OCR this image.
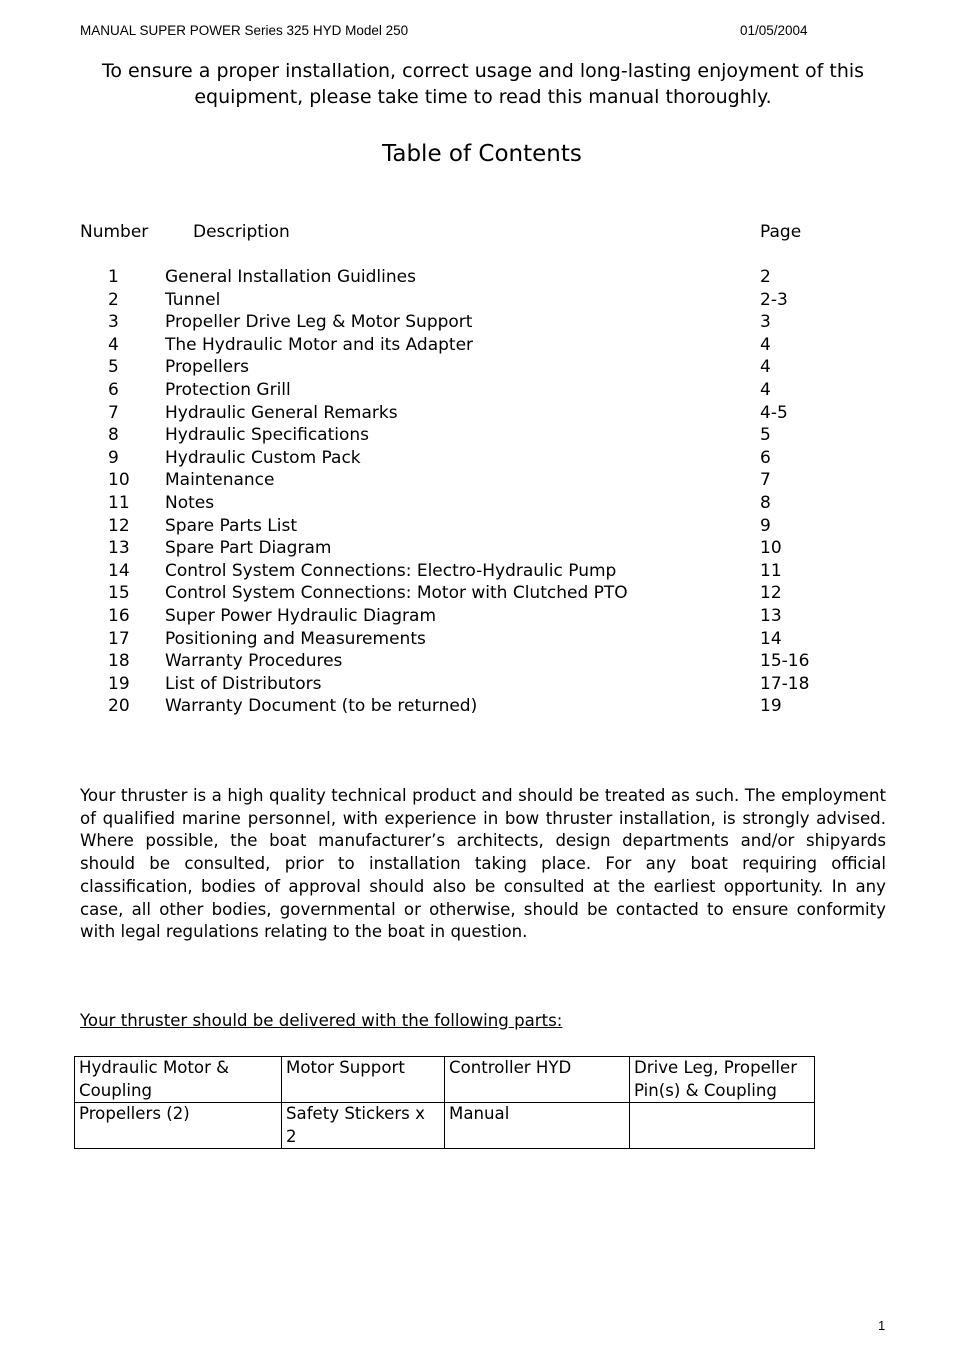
MANUAL SUPER POWER Series 325 HYD Model 250	01/05/2004
To ensure a proper installation, correct usage and long-lasting enjoyment of this equipment, please take time to read this manual thoroughly.
Table of Contents
Number	Description	Page
1	General Installation Guidlines	2
2	Tunnel	2-3
3	Propeller Drive Leg & Motor Support	3
4	The Hydraulic Motor and its Adapter	4
5	Propellers	4
6	Protection Grill	4
7	Hydraulic General Remarks	4-5
8	Hydraulic Specifications	5
9	Hydraulic Custom Pack	6
10 Maintenance	7
11 Notes	8
12 Spare Parts List	9
13 Spare Part Diagram	10
14 Control System Connections: Electro-Hydraulic Pump	11
15 Control System Connections: Motor with Clutched PTO	12
16 Super Power Hydraulic Diagram	13
17 Positioning and Measurements	14
18 Warranty Procedures	15-16
19 List of Distributors	17-18
20 Warranty Document (to be returned)	19
Your thruster is a high quality technical product and should be treated as such. The employment of qualified marine personnel, with experience in bow thruster installation, is strongly advised. Where possible, the boat manufacturer’s architects, design departments and/or shipyards should be consulted, prior to installation taking place. For any boat requiring official classification, bodies of approval should also be consulted at the earliest opportunity. In any case, all other bodies, governmental or otherwise, should be contacted to ensure conformity with legal regulations relating to the boat in question.
Your thruster should be delivered with the following parts:
Hydraulic Motor & Coupling	Motor Support	Controller HYD	Drive Leg, Propeller Pin(s) & Coupling
Propellers (2)	Safety Stickers x 2	Manual	
1
